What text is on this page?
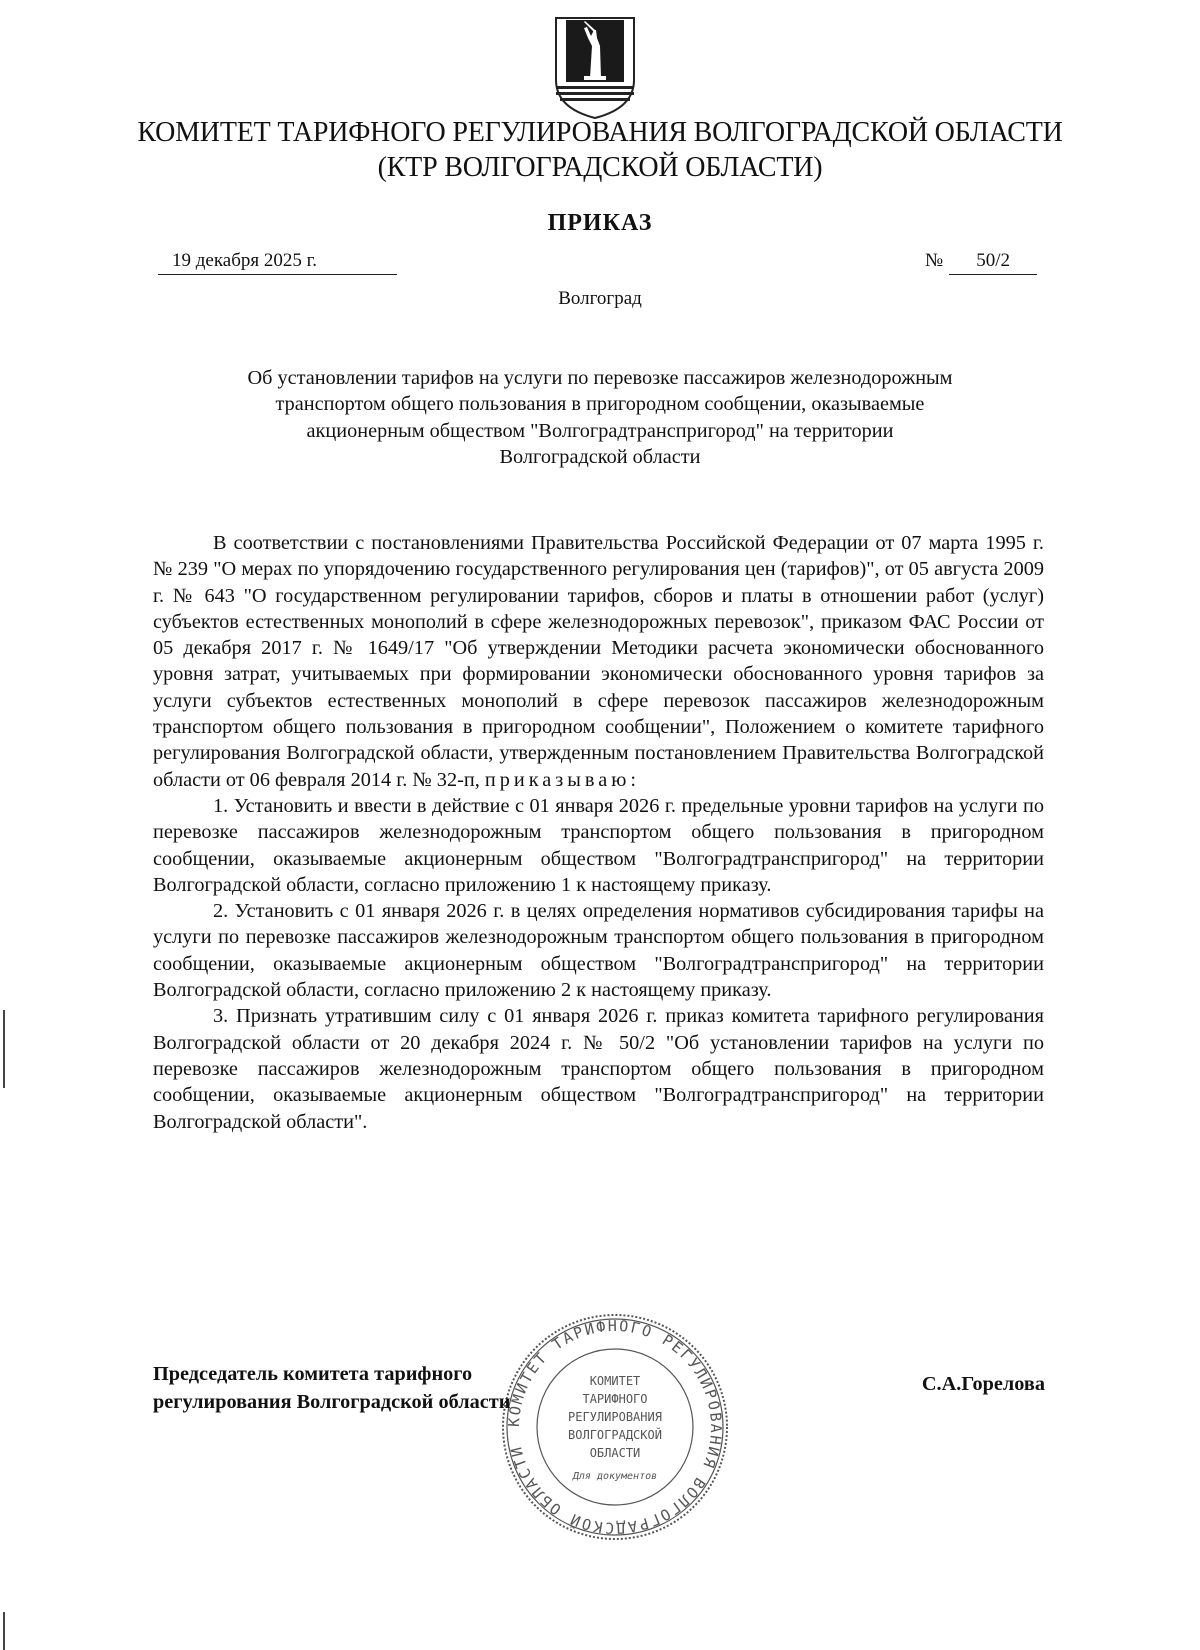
КОМИТЕТ ТАРИФНОГО РЕГУЛИРОВАНИЯ ВОЛГОГРАДСКОЙ ОБЛАСТИ
(КТР ВОЛГОГРАДСКОЙ ОБЛАСТИ)
ПРИКАЗ
19 декабря 2025 г.	№ 50/2
Волгоград
Об установлении тарифов на услуги по перевозке пассажиров железнодорожным
транспортом общего пользования в пригородном сообщении, оказываемые
акционерным обществом "Волгоградтранспригород" на территории
Волгоградской области

В соответствии с постановлениями Правительства Российской Федерации от 07 марта 1995 г. № 239 "О мерах по упорядочению государственного регулирования цен (тарифов)", от 05 августа 2009 г. № 643 "О государственном регулировании тарифов, сборов и платы в отношении работ (услуг) субъектов естественных монополий в сфере железнодорожных перевозок", приказом ФАС России от 05 декабря 2017 г. № 1649/17 "Об утверждении Методики расчета экономически обоснованного уровня затрат, учитываемых при формировании экономически обоснованного уровня тарифов за услуги субъектов естественных монополий в сфере перевозок пассажиров железнодорожным транспортом общего пользования в пригородном сообщении", Положением о комитете тарифного регулирования Волгоградской области, утвержденным постановлением Правительства Волгоградской области от 06 февраля 2014 г. № 32-п, приказываю:

1. Установить и ввести в действие с 01 января 2026 г. предельные уровни тарифов на услуги по перевозке пассажиров железнодорожным транспортом общего пользования в пригородном сообщении, оказываемые акционерным обществом "Волгоградтранспригород" на территории Волгоградской области, согласно приложению 1 к настоящему приказу.

2. Установить с 01 января 2026 г. в целях определения нормативов субсидирования тарифы на услуги по перевозке пассажиров железнодорожным транспортом общего пользования в пригородном сообщении, оказываемые акционерным обществом "Волгоградтранспригород" на территории Волгоградской области, согласно приложению 2 к настоящему приказу.

3. Признать утратившим силу с 01 января 2026 г. приказ комитета тарифного регулирования Волгоградской области от 20 декабря 2024 г. № 50/2 "Об установлении тарифов на услуги по перевозке пассажиров железнодорожным транспортом общего пользования в пригородном сообщении, оказываемые акционерным обществом "Волгоградтранспригород" на территории Волгоградской области".

КОМИТЕТ ТАРИФНОГО РЕГУЛИРОВАНИЯ ВОЛГОГРАДСКОЙ ОБЛАСТИ
КОМИТЕТ
ТАРИФНОГО
РЕГУЛИРОВАНИЯ
ВОЛГОГРАДСКОЙ
ОБЛАСТИ
Для документов
Председатель комитета тарифного
регулирования Волгоградской области
С.А.Горелова
